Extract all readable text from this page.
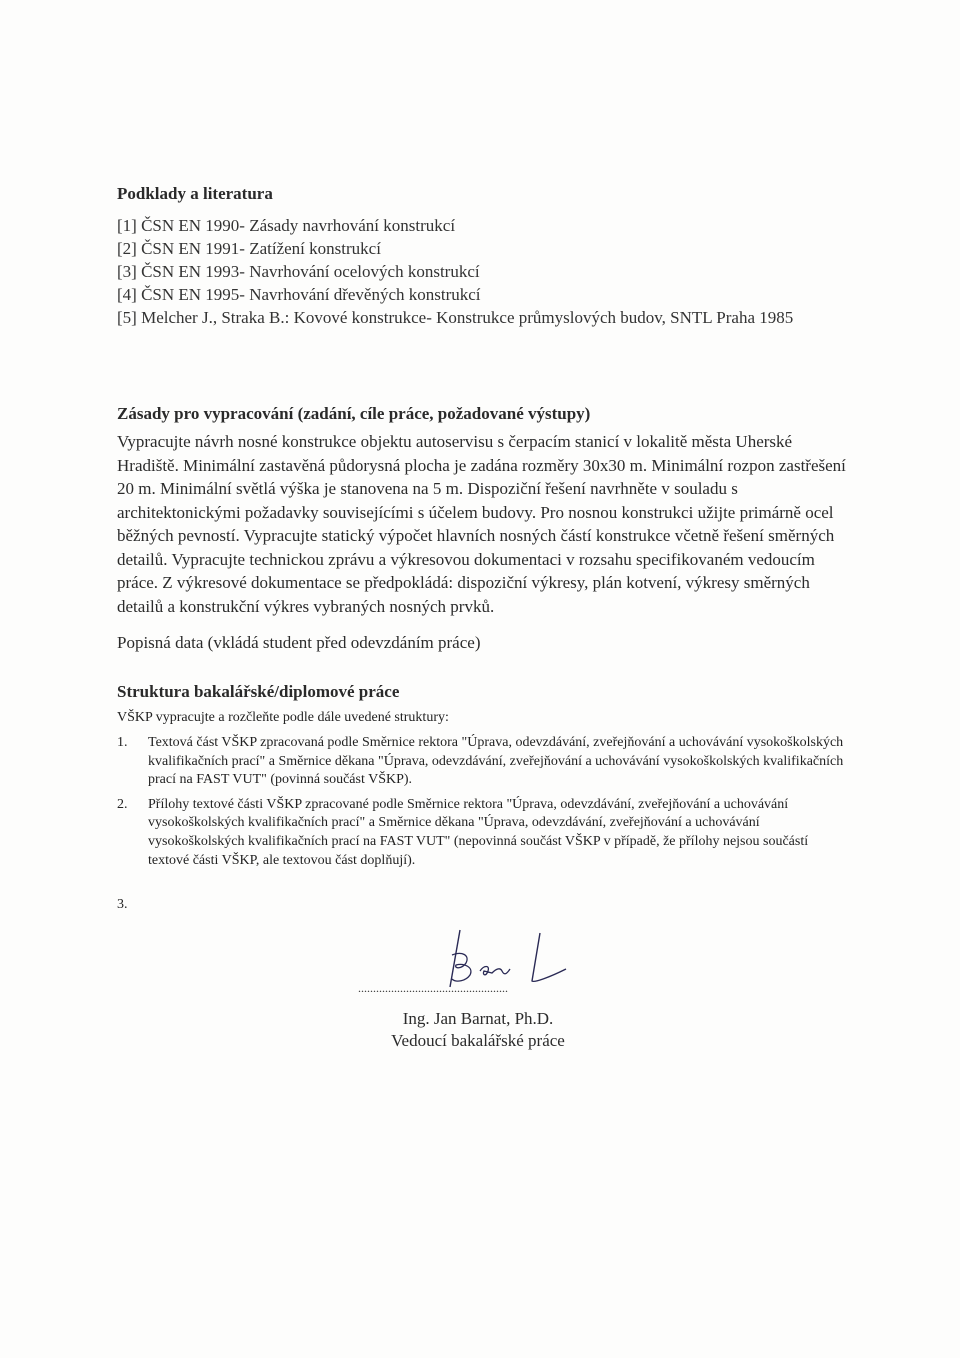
Podklady a literatura
[1] ČSN EN 1990- Zásady navrhování konstrukcí
[2] ČSN EN 1991- Zatížení konstrukcí
[3] ČSN EN 1993- Navrhování ocelových konstrukcí
[4] ČSN EN 1995- Navrhování dřevěných konstrukcí
[5] Melcher J., Straka B.: Kovové konstrukce- Konstrukce průmyslových budov, SNTL Praha 1985
Zásady pro vypracování (zadání, cíle práce, požadované výstupy)

Vypracujte návrh nosné konstrukce objektu autoservisu s čerpacím stanicí v lokalitě města Uherské Hradiště. Minimální zastavěná půdorysná plocha je zadána rozměry 30x30 m. Minimální rozpon zastřešení 20 m. Minimální světlá výška je stanovena na 5 m. Dispoziční řešení navrhněte v souladu s architektonickými požadavky souvisejícími s účelem budovy. Pro nosnou konstrukci užijte primárně ocel běžných pevností. Vypracujte statický výpočet hlavních nosných částí konstrukce včetně řešení směrných detailů. Vypracujte technickou zprávu a výkresovou dokumentaci v rozsahu specifikovaném vedoucím práce. Z výkresové dokumentace se předpokládá: dispoziční výkresy, plán kotvení, výkresy směrných detailů a konstrukční výkres vybraných nosných prvků.

Popisná data (vkládá student před odevzdáním práce)

Struktura bakalářské/diplomové práce

VŠKP vypracujte a rozčleňte podle dále uvedené struktury:

1. Textová část VŠKP zpracovaná podle Směrnice rektora "Úprava, odevzdávání, zveřejňování a uchovávání vysokoškolských kvalifikačních prací" a Směrnice děkana "Úprava, odevzdávání, zveřejňování a uchovávání vysokoškolských kvalifikačních prací na FAST VUT" (povinná součást VŠKP).
2. Přílohy textové části VŠKP zpracované podle Směrnice rektora "Úprava, odevzdávání, zveřejňování a uchovávání vysokoškolských kvalifikačních prací" a Směrnice děkana "Úprava, odevzdávání, zveřejňování a uchovávání vysokoškolských kvalifikačních prací na FAST VUT" (nepovinná součást VŠKP v případě, že přílohy nejsou součástí textové části VŠKP, ale textovou část doplňují).

3.

..................................................

Ing. Jan Barnat, Ph.D.

Vedoucí bakalářské práce
